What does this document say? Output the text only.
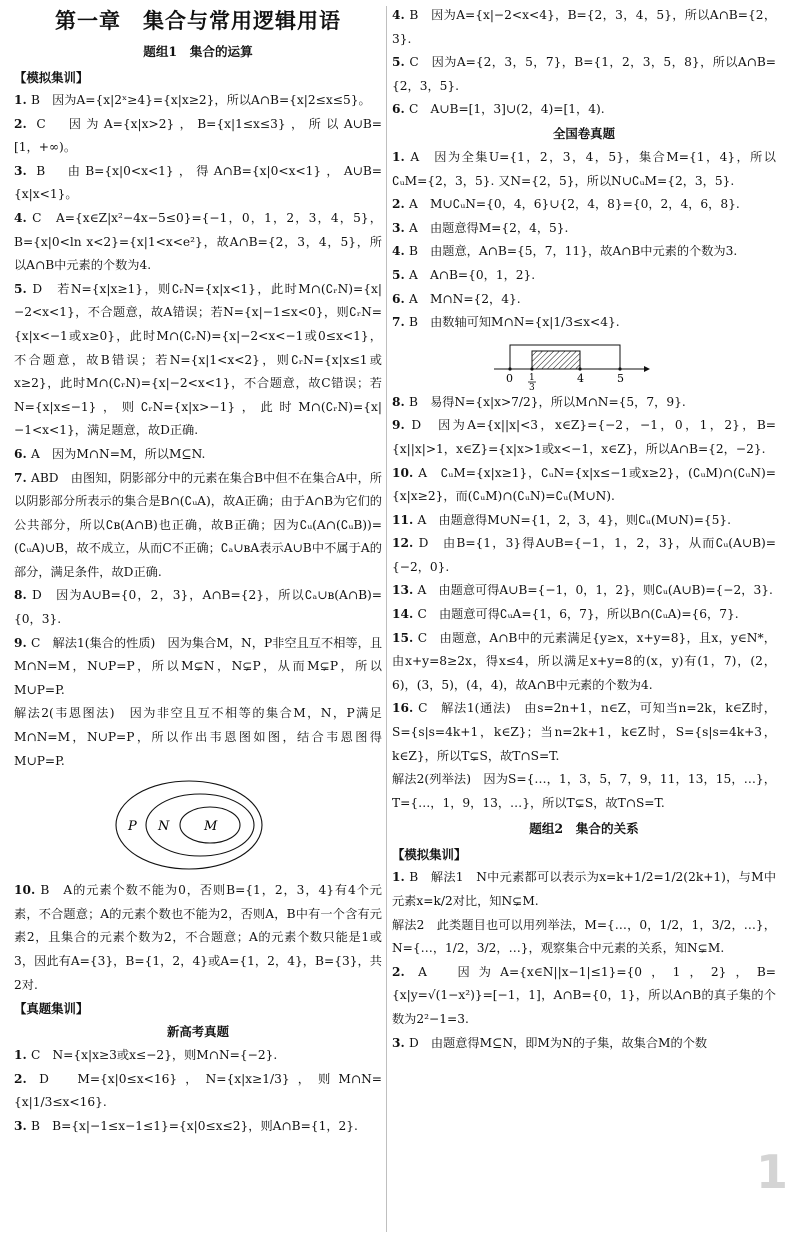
第一章　集合与常用逻辑用语
题组1　集合的运算
【模拟集训】

1. B　因为A={x|2ˣ≥4}={x|x≥2}，所以A∩B={x|2≤x≤5}。

2. C　因为A={x|x>2}，B={x|1≤x≤3}，所以A∪B=[1，+∞)。

3. B　由B={x|0<x<1}，得A∩B={x|0<x<1}，A∪B={x|x<1}。

4. C　A={x∈Z|x²−4x−5≤0}={−1，0，1，2，3，4，5}，B={x|0<ln x<2}={x|1<x<e²}，故A∩B={2，3，4，5}，所以A∩B中元素的个数为4.

5. D　若N={x|x≥1}，则∁ᵣN={x|x<1}，此时M∩(∁ᵣN)={x|−2<x<1}，不合题意，故A错误；若N={x|−1≤x<0}，则∁ᵣN={x|x<−1或x≥0}，此时M∩(∁ᵣN)={x|−2<x<−1或0≤x<1}，不合题意，故B错误；若N={x|1<x<2}，则∁ᵣN={x|x≤1或x≥2}，此时M∩(∁ᵣN)={x|−2<x<1}，不合题意，故C错误；若N={x|x≤−1}，则∁ᵣN={x|x>−1}，此时M∩(∁ᵣN)={x|−1<x<1}，满足题意，故D正确.

6. A　因为M∩N=M，所以M⊆N.

7. ABD　由图知，阴影部分中的元素在集合B中但不在集合A中，所以阴影部分所表示的集合是B∩(∁ᵤA)，故A正确；由于A∩B为它们的公共部分，所以∁ʙ(A∩B)也正确，故B正确；因为∁ᵤ(A∩(∁ᵤB))=(∁ᵤA)∪B，故不成立，从而C不正确；∁ₐ∪ʙA表示A∪B中不属于A的部分，满足条件，故D正确.

8. D　因为A∪B={0，2，3}，A∩B={2}，所以∁ₐ∪ʙ(A∩B)={0，3}.

9. C　解法1(集合的性质)　因为集合M，N，P非空且互不相等，且M∩N=M，N∪P=P，所以M⊊N，N⊊P，从而M⊊P，所以M∪P=P.

解法2(韦恩图法)　因为非空且互不相等的集合M，N，P满足M∩N=M，N∪P=P，所以作出韦恩图如图，结合韦恩图得M∪P=P.

P N	M

10. B　A的元素个数不能为0，否则B={1，2，3，4}有4个元素，不合题意；A的元素个数也不能为2，否则A，B中有一个含有元素2，且集合的元素个数为2，不合题意；A的元素个数只能是1或3，因此有A={3}，B={1，2，4}或A={1，2，4}，B={3}，共2对.

【真题集训】
新高考真题

1. C　N={x|x≥3或x≤−2}，则M∩N={−2}.

2. D　M={x|0≤x<16}，N={x|x≥1/3}，则M∩N={x|1/3≤x<16}.

3. B　B={x|−1≤x−1≤1}={x|0≤x≤2}，则A∩B={1，2}.

4. B　因为A={x|−2<x<4}，B={2，3，4，5}，所以A∩B={2，3}.

5. C　因为A={2，3，5，7}，B={1，2，3，5，8}，所以A∩B={2，3，5}.

6. C　A∪B=[1，3]∪(2，4)=[1，4).

全国卷真题

1. A　因为全集U={1，2，3，4，5}，集合M={1，4}，所以∁ᵤM={2，3，5}. 又N={2，5}，所以N∪∁ᵤM={2，3，5}.

2. A　M∪∁ᵤN={0，4，6}∪{2，4，8}={0，2，4，6，8}.

3. A　由题意得M={2，4，5}.

4. B　由题意，A∩B={5，7，11}，故A∩B中元素的个数为3.

5. A　A∩B={0，1，2}.

6. A　M∩N={2，4}.

7. B　由数轴可知M∩N={x|1/3≤x<4}.

0 1
3
4	5

8. B　易得N={x|x>7/2}，所以M∩N={5，7，9}.

9. D　因为A={x||x|<3，x∈Z}={−2，−1，0，1，2}，B={x||x|>1，x∈Z}={x|x>1或x<−1，x∈Z}，所以A∩B={2，−2}.

10. A　∁ᵤM={x|x≥1}，∁ᵤN={x|x≤−1或x≥2}，(∁ᵤM)∩(∁ᵤN)={x|x≥2}，而(∁ᵤM)∩(∁ᵤN)=∁ᵤ(M∪N).

11. A　由题意得M∪N={1，2，3，4}，则∁ᵤ(M∪N)={5}.

12. D　由B={1，3}得A∪B={−1，1，2，3}，从而∁ᵤ(A∪B)={−2，0}.

13. A　由题意可得A∪B={−1，0，1，2}，则∁ᵤ(A∪B)={−2，3}.

14. C　由题意可得∁ᵤA={1，6，7}，所以B∩(∁ᵤA)={6，7}.

15. C　由题意，A∩B中的元素满足{y≥x，x+y=8}，且x，y∈N*，由x+y=8≥2x，得x≤4，所以满足x+y=8的(x，y)有(1，7)，(2，6)，(3，5)，(4，4)，故A∩B中元素的个数为4.

16. C　解法1(通法)　由s=2n+1，n∈Z，可知当n=2k，k∈Z时，S={s|s=4k+1，k∈Z}；当n=2k+1，k∈Z时，S={s|s=4k+3，k∈Z}，所以T⊊S，故T∩S=T.

解法2(列举法)　因为S={…，1，3，5，7，9，11，13，15，…}，T={…，1，9，13，…}，所以T⊊S，故T∩S=T.

题组2　集合的关系
【模拟集训】

1. B　解法1　N中元素都可以表示为x=k+1/2=1/2(2k+1)，与M中元素x=k/2对比，知N⊊M.

解法2　此类题目也可以用列举法，M={…，0，1/2，1，3/2，…}，N={…，1/2，3/2，…}，观察集合中元素的关系，知N⊊M.

2. A　因为A={x∈N||x−1|≤1}={0，1，2}，B={x|y=√(1−x²)}=[−1，1]，A∩B={0，1}，所以A∩B的真子集的个数为2²−1=3.

3. D　由题意得M⊆N，即M为N的子集，故集合M的个数

1
